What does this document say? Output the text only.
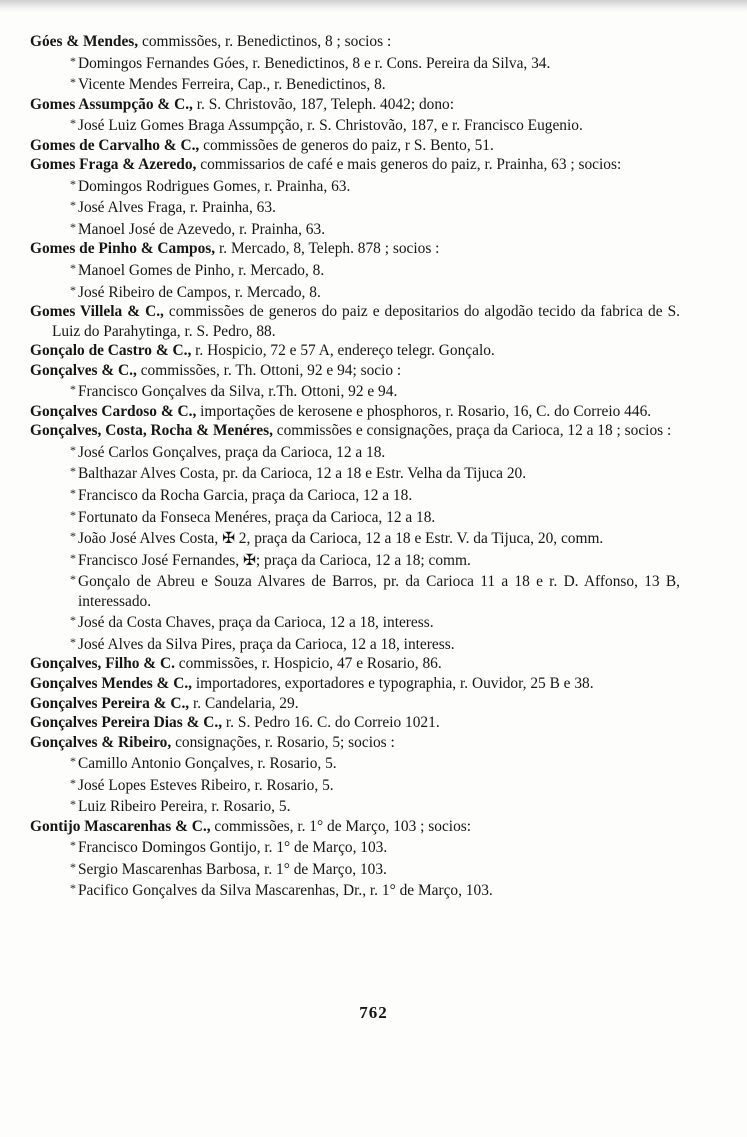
Góes & Mendes, commissões, r. Benedictinos, 8 ; socios :
* Domingos Fernandes Góes, r. Benedictinos, 8 e r. Cons. Pereira da Silva, 34.
* Vicente Mendes Ferreira, Cap., r. Benedictinos, 8.
Gomes Assumpção & C., r. S. Christovão, 187, Teleph. 4042; dono:
* José Luiz Gomes Braga Assumpção, r. S. Christovão, 187, e r. Francisco Eugenio.
Gomes de Carvalho & C., commissões de generos do paiz, r S. Bento, 51.
Gomes Fraga & Azeredo, commissarios de café e mais generos do paiz, r. Prainha, 63 ; socios:
* Domingos Rodrigues Gomes, r. Prainha, 63.
* José Alves Fraga, r. Prainha, 63.
* Manoel José de Azevedo, r. Prainha, 63.
Gomes de Pinho & Campos, r. Mercado, 8, Teleph. 878 ; socios :
* Manoel Gomes de Pinho, r. Mercado, 8.
* José Ribeiro de Campos, r. Mercado, 8.
Gomes Villela & C., commissões de generos do paiz e depositarios do algodão tecido da fabrica de S. Luiz do Parahytinga, r. S. Pedro, 88.
Gonçalo de Castro & C., r. Hospicio, 72 e 57 A, endereço telegr. Gonçalo.
Gonçalves & C., commissões, r. Th. Ottoni, 92 e 94; socio :
* Francisco Gonçalves da Silva, r.Th. Ottoni, 92 e 94.
Gonçalves Cardoso & C., importações de kerosene e phosphoros, r. Rosario, 16, C. do Correio 446.
Gonçalves, Costa, Rocha & Menéres, commissões e consignações, praça da Carioca, 12 a 18 ; socios :
* José Carlos Gonçalves, praça da Carioca, 12 a 18.
* Balthazar Alves Costa, pr. da Carioca, 12 a 18 e Estr. Velha da Tijuca 20.
* Francisco da Rocha Garcia, praça da Carioca, 12 a 18.
* Fortunato da Fonseca Menéres, praça da Carioca, 12 a 18.
* João José Alves Costa, ✠ 2, praça da Carioca, 12 a 18 e Estr. V. da Tijuca, 20, comm.
* Francisco José Fernandes, ✠; praça da Carioca, 12 a 18; comm.
* Gonçalo de Abreu e Souza Alvares de Barros, pr. da Carioca 11 a 18 e r. D. Affonso, 13 B, interessado.
* José da Costa Chaves, praça da Carioca, 12 a 18, interess.
* José Alves da Silva Pires, praça da Carioca, 12 a 18, interess.
Gonçalves, Filho & C. commissões, r. Hospicio, 47 e Rosario, 86.
Gonçalves Mendes & C., importadores, exportadores e typographia, r. Ouvidor, 25 B e 38.
Gonçalves Pereira & C., r. Candelaria, 29.
Gonçalves Pereira Dias & C., r. S. Pedro 16. C. do Correio 1021.
Gonçalves & Ribeiro, consignações, r. Rosario, 5; socios :
* Camillo Antonio Gonçalves, r. Rosario, 5.
* José Lopes Esteves Ribeiro, r. Rosario, 5.
* Luiz Ribeiro Pereira, r. Rosario, 5.
Gontijo Mascarenhas & C., commissões, r. 1° de Março, 103 ; socios:
* Francisco Domingos Gontijo, r. 1° de Março, 103.
* Sergio Mascarenhas Barbosa, r. 1° de Março, 103.
* Pacifico Gonçalves da Silva Mascarenhas, Dr., r. 1° de Março, 103.
762
